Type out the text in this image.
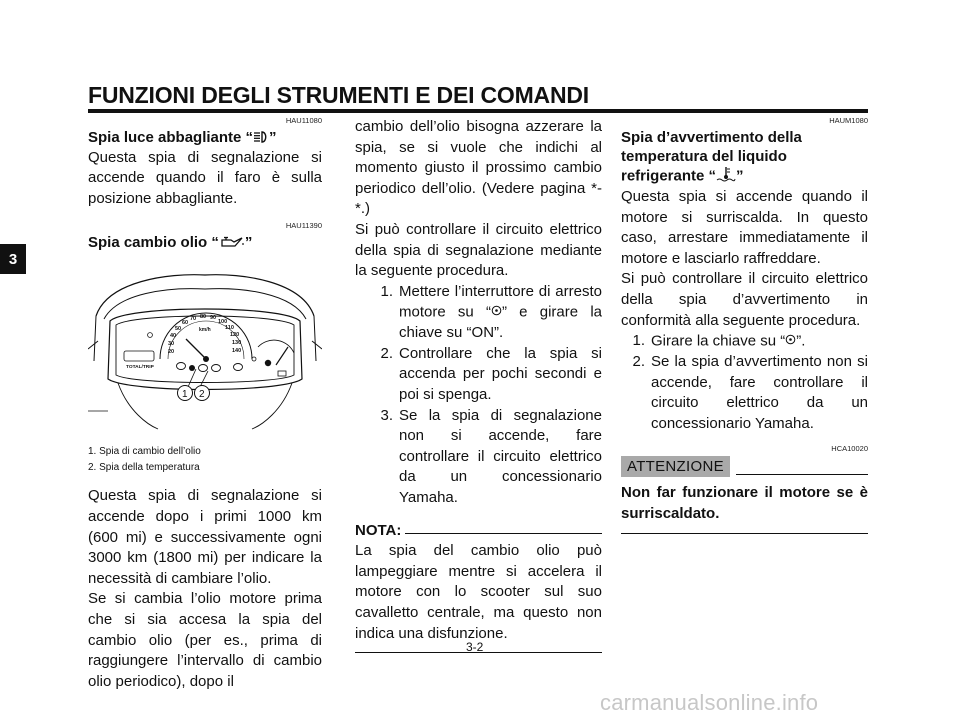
FUNZIONI DEGLI STRUMENTI E DEI COMANDI
3
HAU11080
Spia luce abbagliante “ ”
Questa spia di segnalazione si accende quando il faro è sulla posizione abbagliante.
HAU11390
Spia cambio olio “ ”
20
30
40
50
60
70 80 90
100
110
120
130
140
km/h
TOTAL/TRIP
1 2
1. Spia di cambio dell’olio
2. Spia della temperatura
Questa spia di segnalazione si accende dopo i primi 1000 km (600 mi) e successivamente ogni 3000 km (1800 mi) per indicare la necessità di cambiare l’olio.
Se si cambia l’olio motore prima che si sia accesa la spia del cambio olio (per es., prima di raggiungere l’intervallo di cambio olio periodico), dopo il
cambio dell’olio bisogna azzerare la spia, se si vuole che indichi al momento giusto il prossimo cambio periodico dell’olio. (Vedere pagina *-*.)
Si può controllare il circuito elettrico della spia di segnalazione mediante la seguente procedura.
1. Mettere l’interruttore di arresto motore su “ ” e girare la chiave su “ON”.
2. Controllare che la spia si accenda per pochi secondi e poi si spenga.
3. Se la spia di segnalazione non si accende, fare controllare il circuito elettrico da un concessionario Yamaha.
NOTA:
La spia del cambio olio può lampeggiare mentre si accelera il motore con lo scooter sul suo cavalletto centrale, ma questo non indica una disfunzione.
HAUM1080
Spia d’avvertimento della
temperatura del liquido
refrigerante “ ”
Questa spia si accende quando il motore si surriscalda. In questo caso, arrestare immediatamente il motore e lasciarlo raffreddare.
Si può controllare il circuito elettrico della spia d’avvertimento in conformità alla seguente procedura.
1. Girare la chiave su “ ”.
2. Se la spia d’avvertimento non si accende, fare controllare il circuito elettrico da un concessionario Yamaha.
HCA10020
ATTENZIONE
Non far funzionare il motore se è surriscaldato.
3-2
carmanualsonline.info
